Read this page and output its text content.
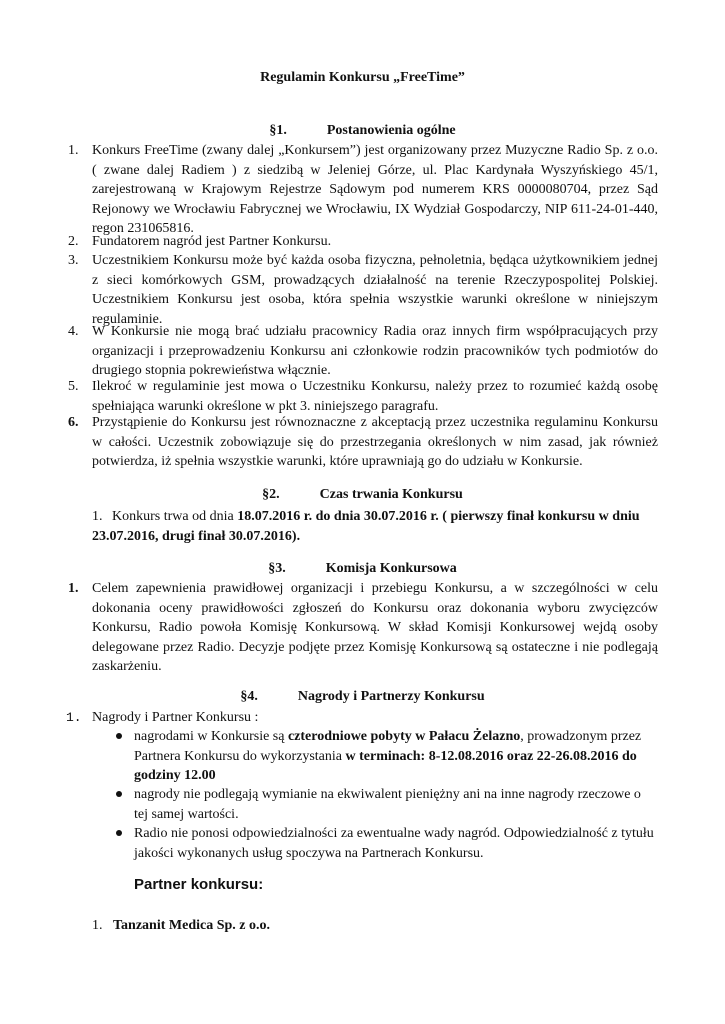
Regulamin Konkursu „FreeTime”
§1.	Postanowienia ogólne
1. Konkurs FreeTime (zwany dalej „Konkursem”) jest organizowany przez Muzyczne Radio Sp. z o.o. ( zwane dalej Radiem ) z siedzibą w Jeleniej Górze, ul. Plac Kardynała Wyszyńskiego 45/1, zarejestrowaną w Krajowym Rejestrze Sądowym pod numerem KRS 0000080704, przez Sąd Rejonowy we Wrocławiu Fabrycznej we Wrocławiu, IX Wydział Gospodarczy, NIP 611-24-01-440, regon 231065816.
2. Fundatorem nagród jest Partner Konkursu.
3. Uczestnikiem Konkursu może być każda osoba fizyczna, pełnoletnia, będąca użytkownikiem jednej z sieci komórkowych GSM, prowadzących działalność na terenie Rzeczypospolitej Polskiej. Uczestnikiem Konkursu jest osoba, która spełnia wszystkie warunki określone w niniejszym regulaminie.
4. W Konkursie nie mogą brać udziału pracownicy Radia oraz innych firm współpracujących przy organizacji i przeprowadzeniu Konkursu ani członkowie rodzin pracowników tych podmiotów do drugiego stopnia pokrewieństwa włącznie.
5. Ilekroć w regulaminie jest mowa o Uczestniku Konkursu, należy przez to rozumieć każdą osobę spełniająca warunki określone w pkt 3. niniejszego paragrafu.
6. Przystąpienie do Konkursu jest równoznaczne z akceptacją przez uczestnika regulaminu Konkursu w całości. Uczestnik zobowiązuje się do przestrzegania określonych w nim zasad, jak również potwierdza, iż spełnia wszystkie warunki, które uprawniają go do udziału w Konkursie.
§2.	Czas trwania Konkursu
1. Konkurs trwa od dnia 18.07.2016 r. do dnia 30.07.2016 r. ( pierwszy finał konkursu w dniu 23.07.2016, drugi finał 30.07.2016).
§3.	Komisja Konkursowa
1. Celem zapewnienia prawidłowej organizacji i przebiegu Konkursu, a w szczególności w celu dokonania oceny prawidłowości zgłoszeń do Konkursu oraz dokonania wyboru zwycięzców Konkursu, Radio powoła Komisję Konkursową. W skład Komisji Konkursowej wejdą osoby delegowane przez Radio. Decyzje podjęte przez Komisję Konkursową są ostateczne i nie podlegają zaskarżeniu.
§4.	Nagrody i Partnerzy Konkursu
1. Nagrody i Partner Konkursu :
nagrodami w Konkursie są czterodniowe pobyty w Pałacu Żelazno, prowadzonym przez Partnera Konkursu do wykorzystania w terminach: 8-12.08.2016 oraz 22-26.08.2016 do godziny 12.00
nagrody nie podlegają wymianie na ekwiwalent pieniężny ani na inne nagrody rzeczowe o tej samej wartości.
Radio nie ponosi odpowiedzialności za ewentualne wady nagród. Odpowiedzialność z tytułu jakości wykonanych usług spoczywa na Partnerach Konkursu.
Partner konkursu:
1. Tanzanit Medica Sp. z o.o.
